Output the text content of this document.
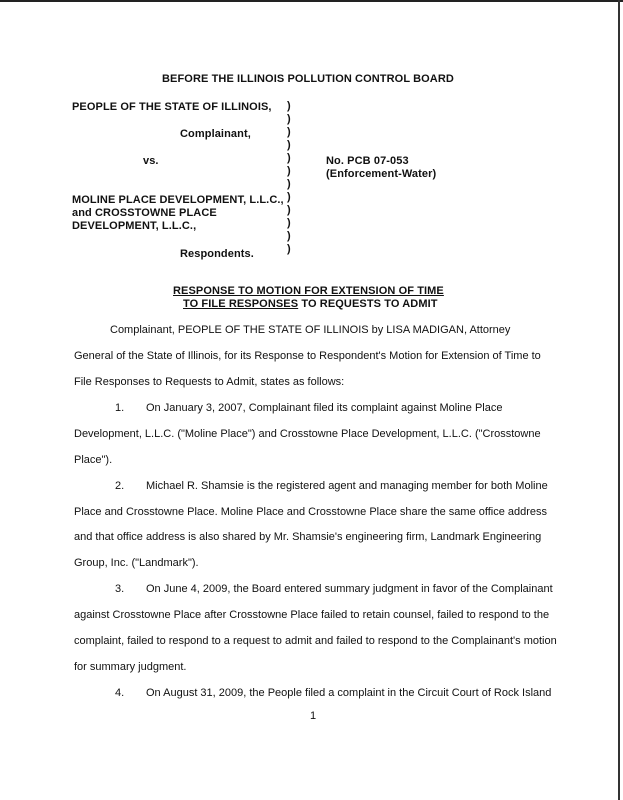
BEFORE THE ILLINOIS POLLUTION CONTROL BOARD
PEOPLE OF THE STATE OF ILLINOIS,
Complainant,
vs.
MOLINE PLACE DEVELOPMENT, L.L.C.,
and CROSSTOWNE PLACE
DEVELOPMENT, L.L.C.,
Respondents.
No. PCB 07-053
(Enforcement-Water)
)
)
)
)
)
)
)
)
)
)
)
)
RESPONSE TO MOTION FOR EXTENSION OF TIME
TO FILE RESPONSES TO REQUESTS TO ADMIT
Complainant, PEOPLE OF THE STATE OF ILLINOIS by LISA MADIGAN, Attorney
General of the State of Illinois, for its Response to Respondent's Motion for Extension of Time to
File Responses to Requests to Admit, states as follows:
1. On January 3, 2007, Complainant filed its complaint against Moline Place
Development, L.L.C. ("Moline Place") and Crosstowne Place Development, L.L.C. ("Crosstowne
Place").
2. Michael R. Shamsie is the registered agent and managing member for both Moline
Place and Crosstowne Place. Moline Place and Crosstowne Place share the same office address
and that office address is also shared by Mr. Shamsie's engineering firm, Landmark Engineering
Group, Inc. ("Landmark").
3. On June 4, 2009, the Board entered summary judgment in favor of the Complainant
against Crosstowne Place after Crosstowne Place failed to retain counsel, failed to respond to the
complaint, failed to respond to a request to admit and failed to respond to the Complainant's motion
for summary judgment.
4. On August 31, 2009, the People filed a complaint in the Circuit Court of Rock Island
1
